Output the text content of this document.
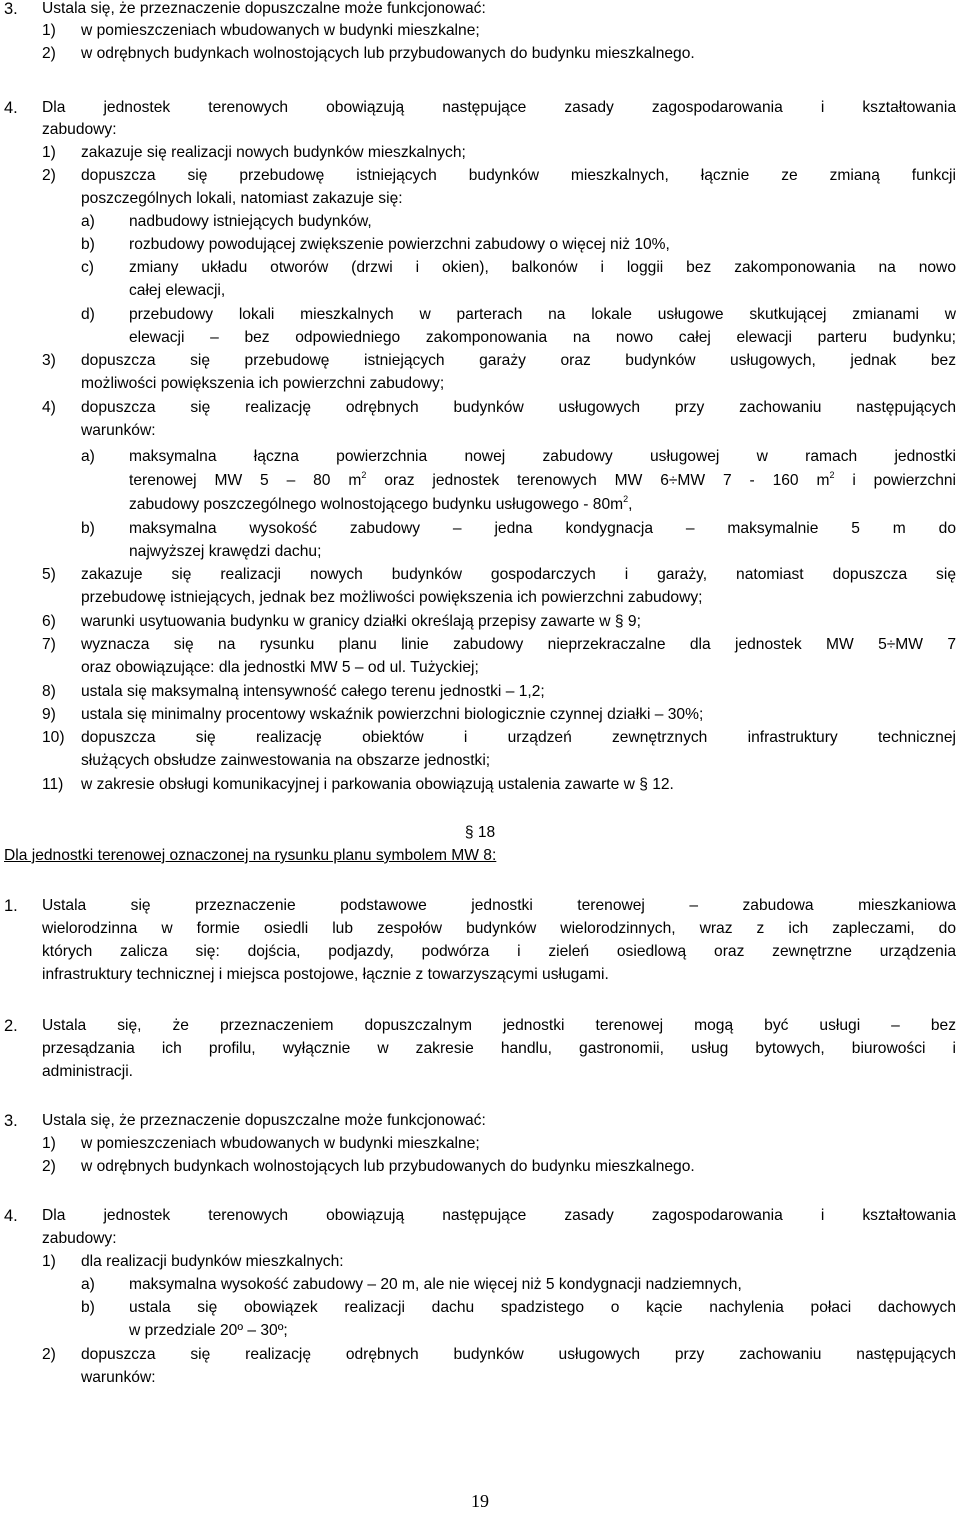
3. Ustala się, że przeznaczenie dopuszczalne może funkcjonować:
1) w pomieszczeniach wbudowanych w budynki mieszkalne;
2) w odrębnych budynkach wolnostojących lub przybudowanych do budynku mieszkalnego.
4. Dla jednostek terenowych obowiązują następujące zasady zagospodarowania i kształtowania
zabudowy:
1) zakazuje się realizacji nowych budynków mieszkalnych;
2) dopuszcza się przebudowę istniejących budynków mieszkalnych, łącznie ze zmianą funkcji
poszczególnych lokali, natomiast zakazuje się:
a) nadbudowy istniejących budynków,
b) rozbudowy powodującej zwiększenie powierzchni zabudowy o więcej niż 10%,
c) zmiany układu otworów (drzwi i okien), balkonów i loggii bez zakomponowania na nowo
całej elewacji,
d) przebudowy lokali mieszkalnych w parterach na lokale usługowe skutkującej zmianami w
elewacji – bez odpowiedniego zakomponowania na nowo całej elewacji parteru budynku;
3) dopuszcza się przebudowę istniejących garaży oraz budynków usługowych, jednak bez
możliwości powiększenia ich powierzchni zabudowy;
4) dopuszcza się realizację odrębnych budynków usługowych przy zachowaniu następujących
warunków:
a) maksymalna łączna powierzchnia nowej zabudowy usługowej w ramach jednostki
terenowej MW 5 – 80 $m^2$ oraz jednostek terenowych MW 6÷MW 7 - 160 $m^2$ i powierzchni
zabudowy poszczególnego wolnostojącego budynku usługowego - $80m^2$,
b) maksymalna wysokość zabudowy – jedna kondygnacja – maksymalnie 5 m do
najwyższej krawędzi dachu;
5) zakazuje się realizacji nowych budynków gospodarczych i garaży, natomiast dopuszcza się
przebudowę istniejących, jednak bez możliwości powiększenia ich powierzchni zabudowy;
6) warunki usytuowania budynku w granicy działki określają przepisy zawarte w § 9;
7) wyznacza się na rysunku planu linie zabudowy nieprzekraczalne dla jednostek MW 5÷MW 7
oraz obowiązujące: dla jednostki MW 5 – od ul. Tużyckiej;
8) ustala się maksymalną intensywność całego terenu jednostki – 1,2;
9) ustala się minimalny procentowy wskaźnik powierzchni biologicznie czynnej działki – 30%;
10) dopuszcza się realizację obiektów i urządzeń zewnętrznych infrastruktury technicznej
służących obsłudze zainwestowania na obszarze jednostki;
11) w zakresie obsługi komunikacyjnej i parkowania obowiązują ustalenia zawarte w § 12.
§ 18
Dla jednostki terenowej oznaczonej na rysunku planu symbolem MW 8:
1. Ustala się przeznaczenie podstawowe jednostki terenowej – zabudowa mieszkaniowa
wielorodzinna w formie osiedli lub zespołów budynków wielorodzinnych, wraz z ich zapleczami, do
których zalicza się: dojścia, podjazdy, podwórza i zieleń osiedlową oraz zewnętrzne urządzenia
infrastruktury technicznej i miejsca postojowe, łącznie z towarzyszącymi usługami.
2. Ustala się, że przeznaczeniem dopuszczalnym jednostki terenowej mogą być usługi – bez
przesądzania ich profilu, wyłącznie w zakresie handlu, gastronomii, usług bytowych, biurowości i
administracji.
3. Ustala się, że przeznaczenie dopuszczalne może funkcjonować:
1) w pomieszczeniach wbudowanych w budynki mieszkalne;
2) w odrębnych budynkach wolnostojących lub przybudowanych do budynku mieszkalnego.
4. Dla jednostek terenowych obowiązują następujące zasady zagospodarowania i kształtowania
zabudowy:
1) dla realizacji budynków mieszkalnych:
a) maksymalna wysokość zabudowy – 20 m, ale nie więcej niż 5 kondygnacji nadziemnych,
b) ustala się obowiązek realizacji dachu spadzistego o kącie nachylenia połaci dachowych
w przedziale 20º – 30º;
2) dopuszcza się realizację odrębnych budynków usługowych przy zachowaniu następujących
warunków:
19
